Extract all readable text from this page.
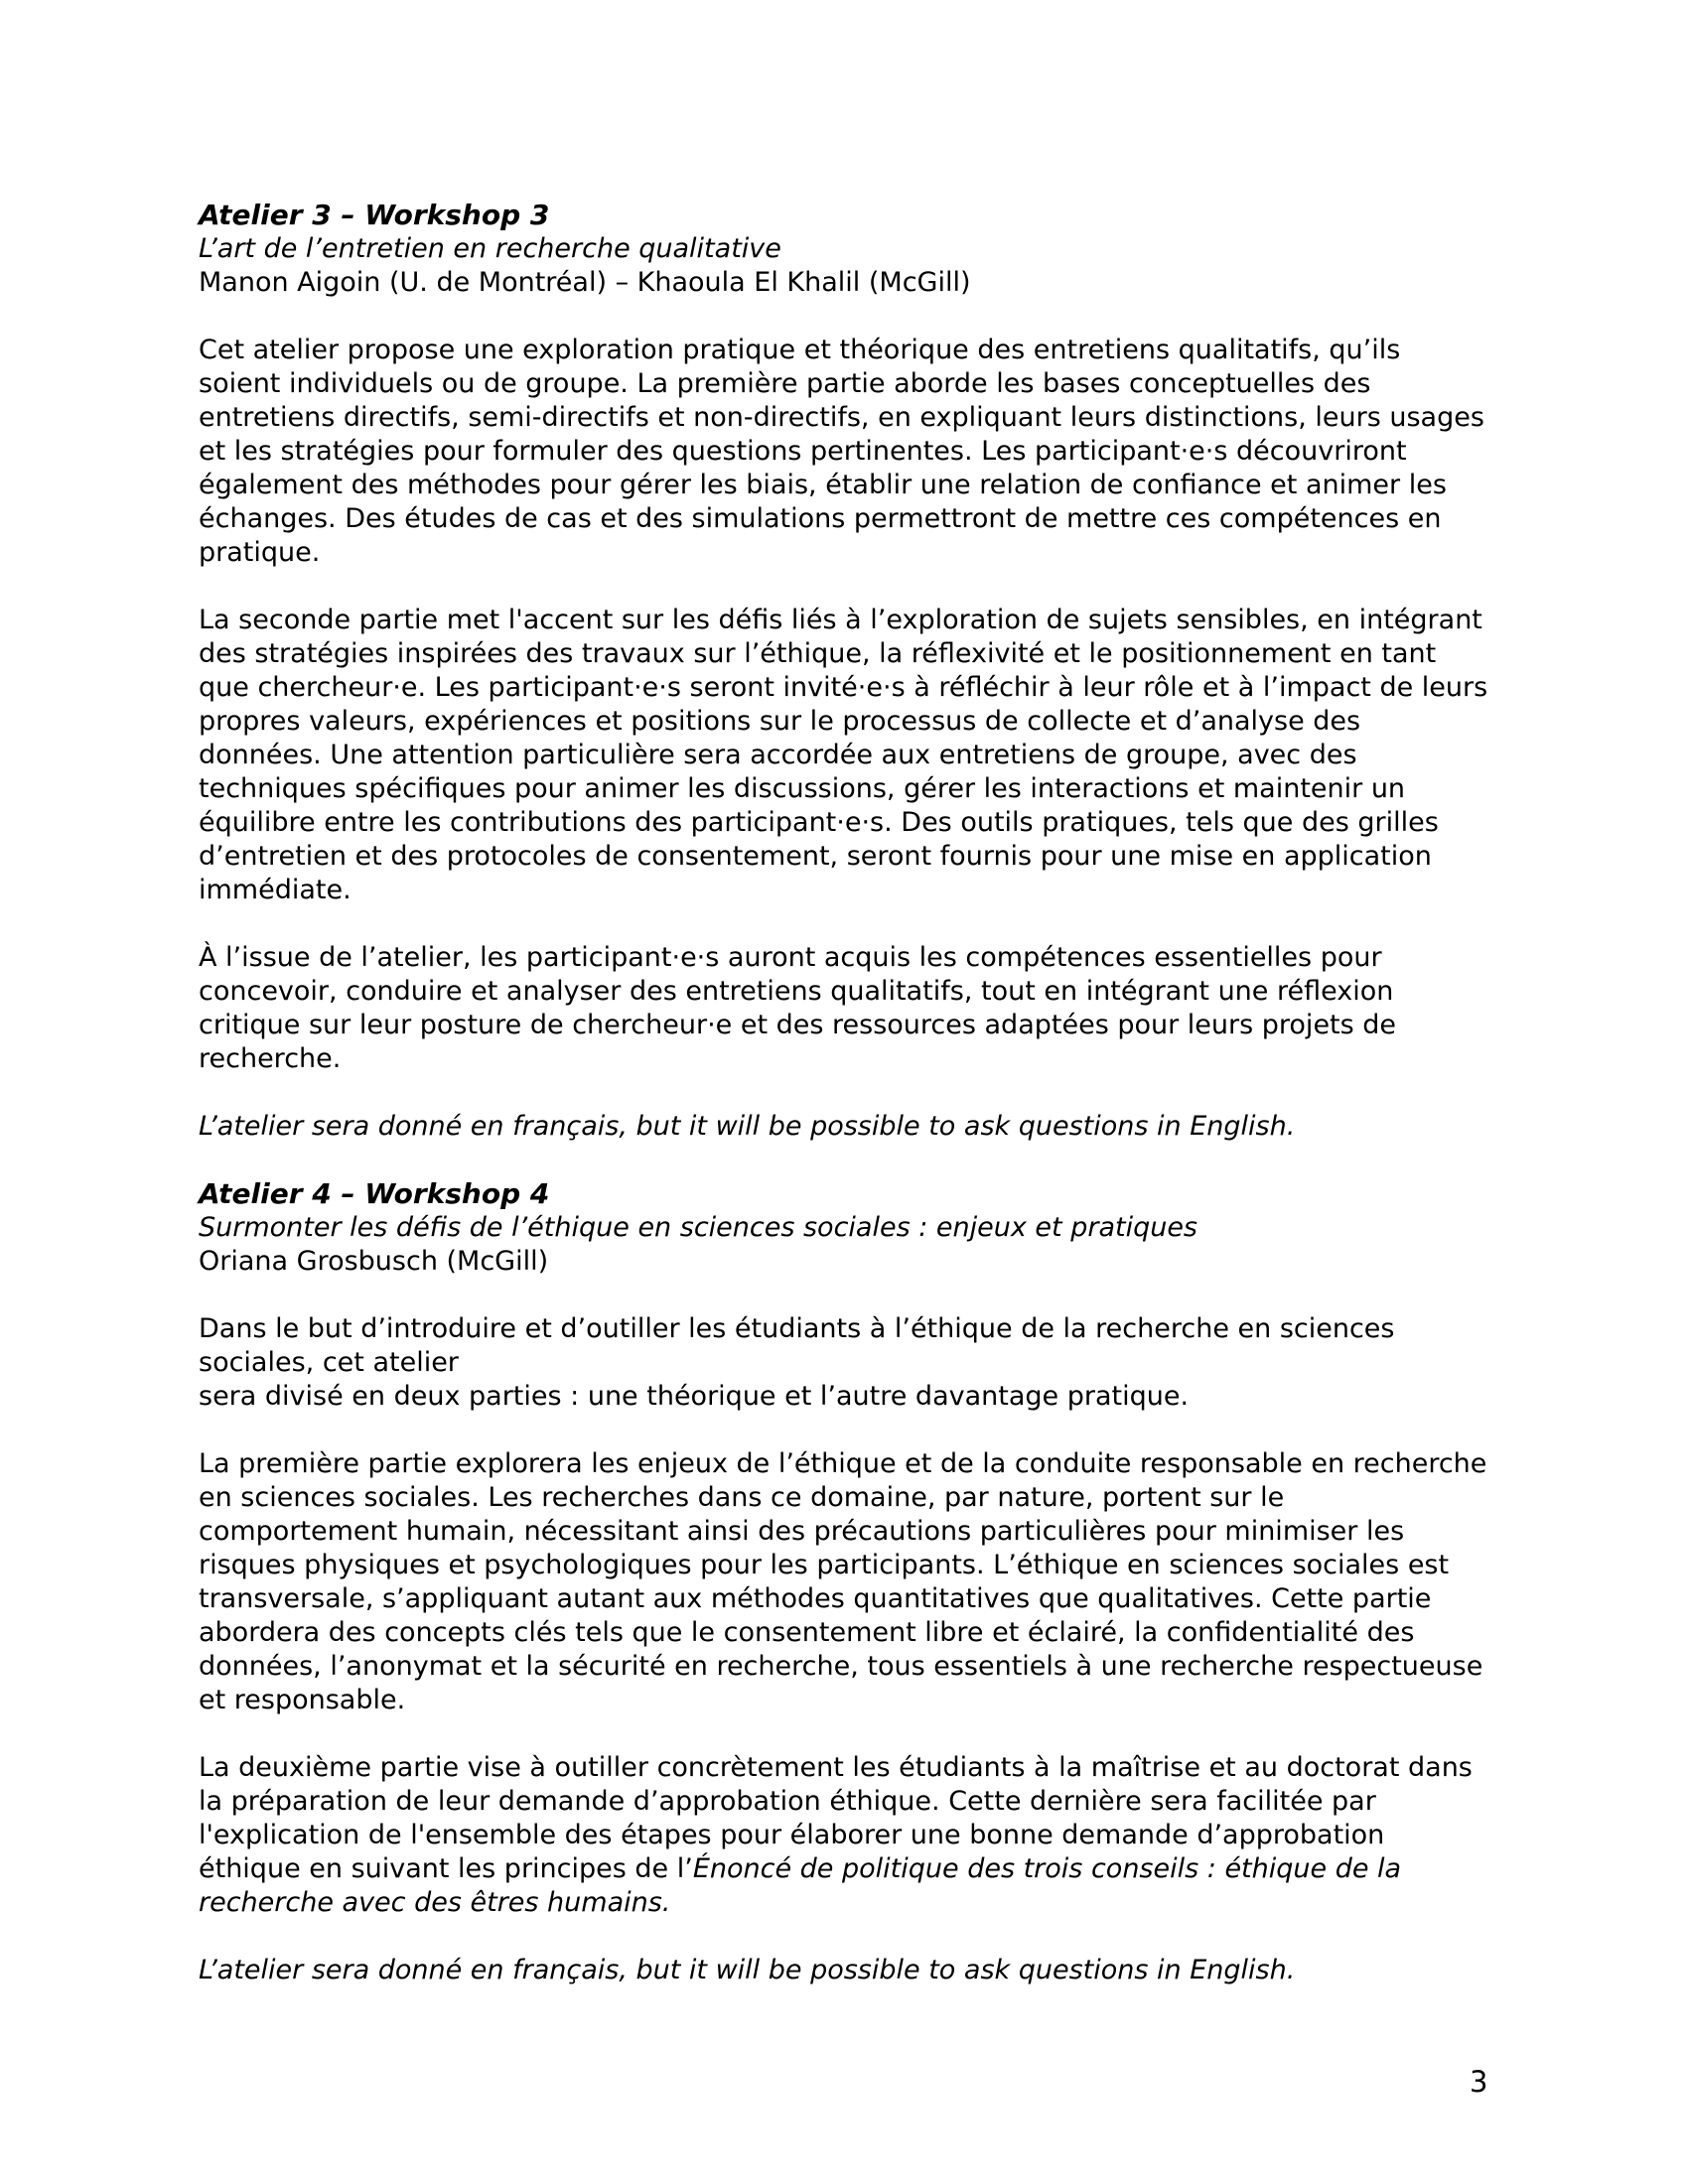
Atelier 3 – Workshop 3

L’art de l’entretien en recherche qualitative

Manon Aigoin (U. de Montréal) – Khaoula El Khalil (McGill)

Cet atelier propose une exploration pratique et théorique des entretiens qualitatifs, qu’ils soient individuels ou de groupe. La première partie aborde les bases conceptuelles des entretiens directifs, semi-directifs et non-directifs, en expliquant leurs distinctions, leurs usages et les stratégies pour formuler des questions pertinentes. Les participant·e·s découvriront également des méthodes pour gérer les biais, établir une relation de confiance et animer les échanges. Des études de cas et des simulations permettront de mettre ces compétences en pratique.

La seconde partie met l'accent sur les défis liés à l’exploration de sujets sensibles, en intégrant des stratégies inspirées des travaux sur l’éthique, la réflexivité et le positionnement en tant que chercheur·e. Les participant·e·s seront invité·e·s à réfléchir à leur rôle et à l’impact de leurs propres valeurs, expériences et positions sur le processus de collecte et d’analyse des données. Une attention particulière sera accordée aux entretiens de groupe, avec des techniques spécifiques pour animer les discussions, gérer les interactions et maintenir un équilibre entre les contributions des participant·e·s. Des outils pratiques, tels que des grilles d’entretien et des protocoles de consentement, seront fournis pour une mise en application immédiate.

À l’issue de l’atelier, les participant·e·s auront acquis les compétences essentielles pour concevoir, conduire et analyser des entretiens qualitatifs, tout en intégrant une réflexion critique sur leur posture de chercheur·e et des ressources adaptées pour leurs projets de recherche.

L’atelier sera donné en français, but it will be possible to ask questions in English.

Atelier 4 – Workshop 4

Surmonter les défis de l’éthique en sciences sociales : enjeux et pratiques

Oriana Grosbusch (McGill)

Dans le but d’introduire et d’outiller les étudiants à l’éthique de la recherche en sciences sociales, cet atelier

sera divisé en deux parties : une théorique et l’autre davantage pratique.

La première partie explorera les enjeux de l’éthique et de la conduite responsable en recherche en sciences sociales. Les recherches dans ce domaine, par nature, portent sur le comportement humain, nécessitant ainsi des précautions particulières pour minimiser les risques physiques et psychologiques pour les participants. L’éthique en sciences sociales est transversale, s’appliquant autant aux méthodes quantitatives que qualitatives. Cette partie abordera des concepts clés tels que le consentement libre et éclairé, la confidentialité des données, l’anonymat et la sécurité en recherche, tous essentiels à une recherche respectueuse et responsable.

La deuxième partie vise à outiller concrètement les étudiants à la maîtrise et au doctorat dans la préparation de leur demande d’approbation éthique. Cette dernière sera facilitée par l'explication de l'ensemble des étapes pour élaborer une bonne demande d’approbation éthique en suivant les principes de l’Énoncé de politique des trois conseils : éthique de la recherche avec des êtres humains.

L’atelier sera donné en français, but it will be possible to ask questions in English.

3
